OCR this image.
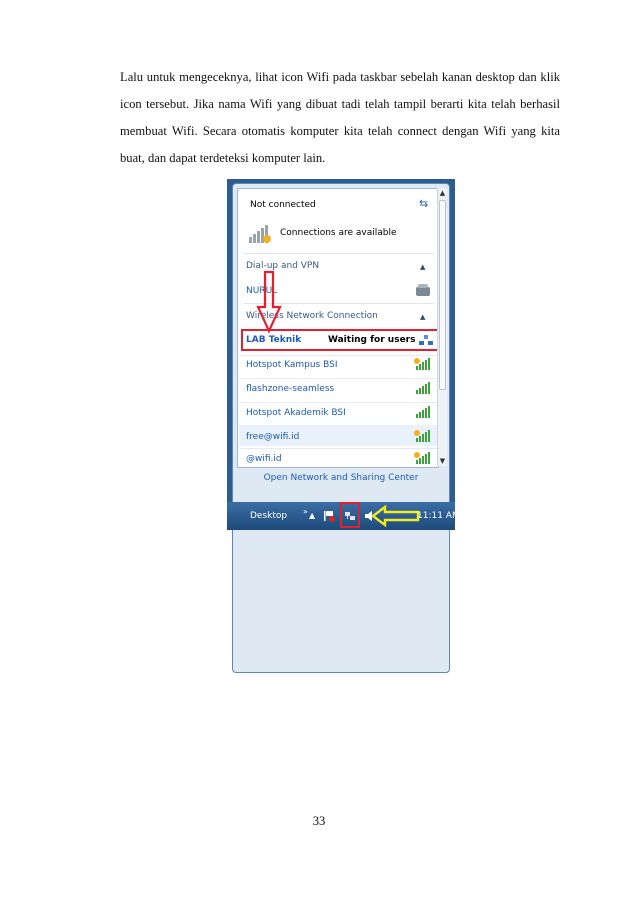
Lalu untuk mengeceknya, lihat icon Wifi pada taskbar sebelah kanan desktop dan klik icon tersebut. Jika nama Wifi yang dibuat tadi telah tampil berarti kita telah berhasil membuat Wifi. Secara otomatis komputer kita telah connect dengan Wifi yang kita buat, dan dapat terdeteksi komputer lain.

Not connected	⇆
Connections are available
Dial-up and VPN	▲
NURUL
Wireless Network Connection	▲
LAB Teknik	Waiting for users
Hotspot Kampus BSI
flashzone-seamless
Hotspot Akademik BSI
free@wifi.id
@wifi.id
▲
▼
Open Network and Sharing Center
Desktop » ▲	11:11 AM
33
